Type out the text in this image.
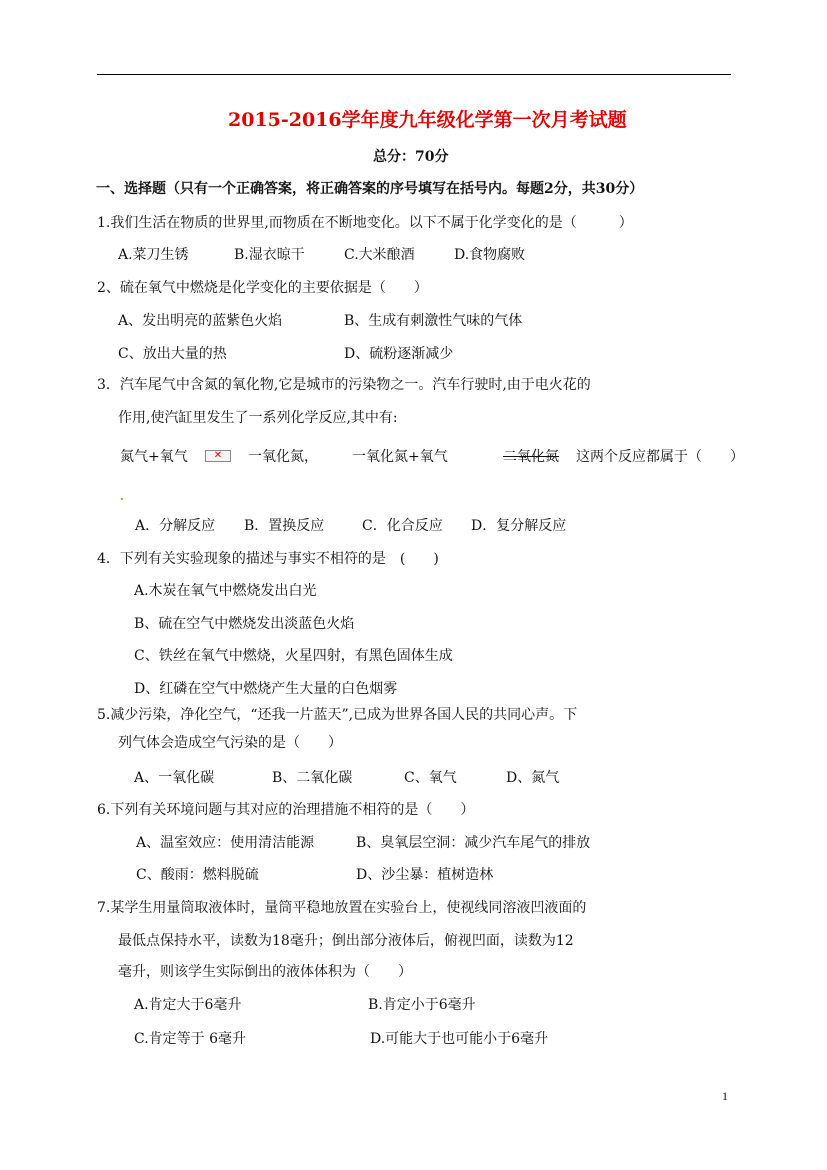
2015-2016学年度九年级化学第一次月考试题
总分：70分
一、选择题（只有一个正确答案，将正确答案的序号填写在括号内。每题2分，共30分）
1.我们生活在物质的世界里,而物质在不断地变化。以下不属于化学变化的是（　　　）
A.菜刀生锈	B.湿衣晾干	C.大米酿酒	D.食物腐败
2、硫在氧气中燃烧是化学变化的主要依据是（　　）
A、发出明亮的蓝紫色火焰	B、生成有刺激性气味的气体
C、放出大量的热	D、硫粉逐渐减少
3．汽车尾气中含氮的氧化物,它是城市的污染物之一。汽车行驶时,由于电火花的
作用,使汽缸里发生了一系列化学反应,其中有:
氮气+氧气	✕	一氧化氮， 一氧化氮+氧气	二氧化氮 这两个反应都属于（　　）
A．分解反应 B．置换反应	C．化合反应 D．复分解反应
4．下列有关实验现象的描述与事实不相符的是　(　　)
A.木炭在氧气中燃烧发出白光
B、硫在空气中燃烧发出淡蓝色火焰
C、铁丝在氧气中燃烧，火星四射，有黑色固体生成
D、红磷在空气中燃烧产生大量的白色烟雾
5.减少污染，净化空气，“还我一片蓝天”,已成为世界各国人民的共同心声。下
列气体会造成空气污染的是（　　）
A、一氧化碳	B、二氧化碳	C、氧气	D、氮气
6.下列有关环境问题与其对应的治理措施不相符的是（　　）
A、温室效应：使用清洁能源	B、臭氧层空洞：减少汽车尾气的排放
C、酸雨：燃料脱硫	D、沙尘暴：植树造林
7.某学生用量筒取液体时，量筒平稳地放置在实验台上，使视线同溶液凹液面的
最低点保持水平，读数为18毫升；倒出部分液体后，俯视凹面，读数为12
毫升，则该学生实际倒出的液体体积为（　　）
A.肯定大于6毫升	B.肯定小于6毫升
C.肯定等于 6毫升	D.可能大于也可能小于6毫升
1
